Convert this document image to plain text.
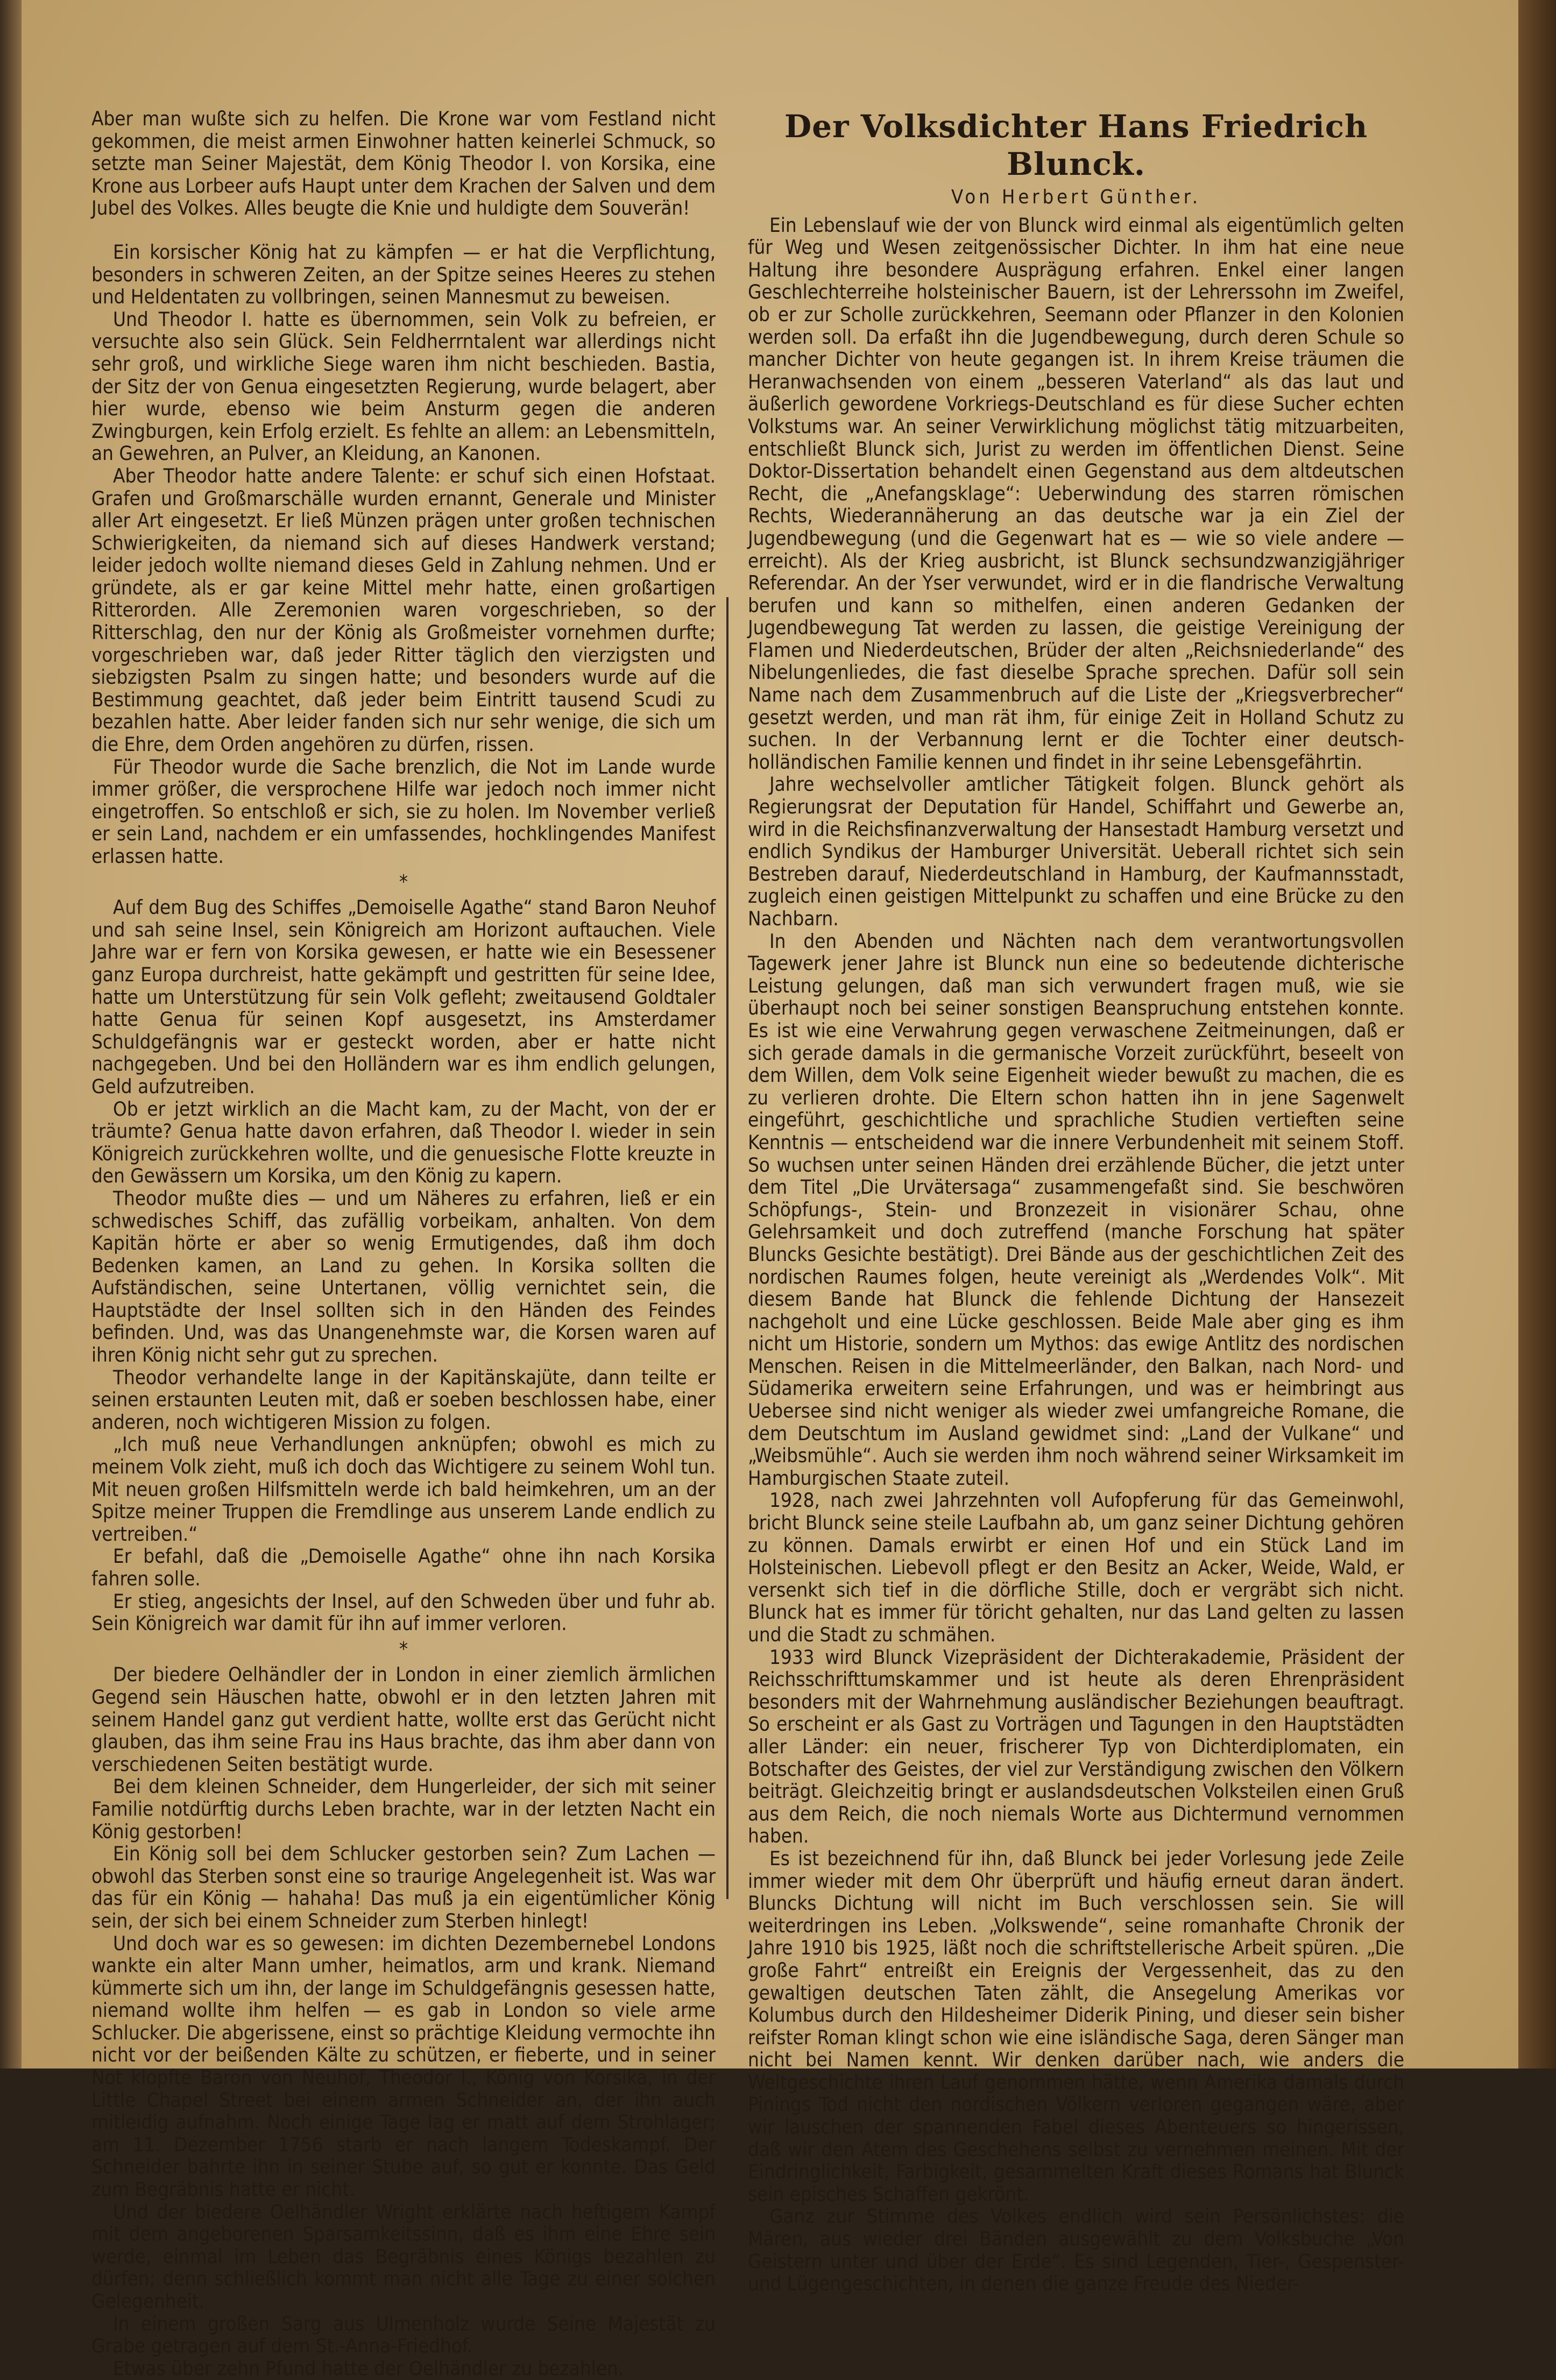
Aber man wußte sich zu helfen. Die Krone war vom Festland nicht gekommen, die meist armen Einwohner hatten keinerlei Schmuck, so setzte man Seiner Majestät, dem König Theodor I. von Korsika, eine Krone aus Lorbeer aufs Haupt unter dem Krachen der Salven und dem Jubel des Volkes. Alles beugte die Knie und huldigte dem Souverän!

Ein korsischer König hat zu kämpfen — er hat die Verpflichtung, besonders in schweren Zeiten, an der Spitze seines Heeres zu stehen und Heldentaten zu vollbringen, seinen Mannesmut zu beweisen.

Und Theodor I. hatte es übernommen, sein Volk zu befreien, er versuchte also sein Glück. Sein Feldherrntalent war allerdings nicht sehr groß, und wirkliche Siege waren ihm nicht beschieden. Bastia, der Sitz der von Genua eingesetzten Regierung, wurde belagert, aber hier wurde, ebenso wie beim Ansturm gegen die anderen Zwingburgen, kein Erfolg erzielt. Es fehlte an allem: an Lebensmitteln, an Gewehren, an Pulver, an Kleidung, an Kanonen.

Aber Theodor hatte andere Talente: er schuf sich einen Hofstaat. Grafen und Großmarschälle wurden ernannt, Generale und Minister aller Art eingesetzt. Er ließ Münzen prägen unter großen technischen Schwierigkeiten, da niemand sich auf dieses Handwerk verstand; leider jedoch wollte niemand dieses Geld in Zahlung nehmen. Und er gründete, als er gar keine Mittel mehr hatte, einen großartigen Ritterorden. Alle Zeremonien waren vorgeschrieben, so der Ritterschlag, den nur der König als Großmeister vornehmen durfte; vorgeschrieben war, daß jeder Ritter täglich den vierzigsten und siebzigsten Psalm zu singen hatte; und besonders wurde auf die Bestimmung geachtet, daß jeder beim Eintritt tausend Scudi zu bezahlen hatte. Aber leider fanden sich nur sehr wenige, die sich um die Ehre, dem Orden angehören zu dürfen, rissen.

Für Theodor wurde die Sache brenzlich, die Not im Lande wurde immer größer, die versprochene Hilfe war jedoch noch immer nicht eingetroffen. So entschloß er sich, sie zu holen. Im November verließ er sein Land, nachdem er ein umfassendes, hochklingendes Manifest erlassen hatte.

*

Auf dem Bug des Schiffes „Demoiselle Agathe“ stand Baron Neuhof und sah seine Insel, sein Königreich am Horizont auftauchen. Viele Jahre war er fern von Korsika gewesen, er hatte wie ein Besessener ganz Europa durchreist, hatte gekämpft und gestritten für seine Idee, hatte um Unterstützung für sein Volk gefleht; zweitausend Goldtaler hatte Genua für seinen Kopf ausgesetzt, ins Amsterdamer Schuldgefängnis war er gesteckt worden, aber er hatte nicht nachgegeben. Und bei den Holländern war es ihm endlich gelungen, Geld aufzutreiben.

Ob er jetzt wirklich an die Macht kam, zu der Macht, von der er träumte? Genua hatte davon erfahren, daß Theodor I. wieder in sein Königreich zurückkehren wollte, und die genuesische Flotte kreuzte in den Gewässern um Korsika, um den König zu kapern.

Theodor mußte dies — und um Näheres zu erfahren, ließ er ein schwedisches Schiff, das zufällig vorbeikam, anhalten. Von dem Kapitän hörte er aber so wenig Ermutigendes, daß ihm doch Bedenken kamen, an Land zu gehen. In Korsika sollten die Aufständischen, seine Untertanen, völlig vernichtet sein, die Hauptstädte der Insel sollten sich in den Händen des Feindes befinden. Und, was das Unangenehmste war, die Korsen waren auf ihren König nicht sehr gut zu sprechen.

Theodor verhandelte lange in der Kapitänskajüte, dann teilte er seinen erstaunten Leuten mit, daß er soeben beschlossen habe, einer anderen, noch wichtigeren Mission zu folgen.

„Ich muß neue Verhandlungen anknüpfen; obwohl es mich zu meinem Volk zieht, muß ich doch das Wichtigere zu seinem Wohl tun. Mit neuen großen Hilfsmitteln werde ich bald heimkehren, um an der Spitze meiner Truppen die Fremdlinge aus unserem Lande endlich zu vertreiben.“

Er befahl, daß die „Demoiselle Agathe“ ohne ihn nach Korsika fahren solle.

Er stieg, angesichts der Insel, auf den Schweden über und fuhr ab. Sein Königreich war damit für ihn auf immer verloren.

*

Der biedere Oelhändler der in London in einer ziemlich ärmlichen Gegend sein Häuschen hatte, obwohl er in den letzten Jahren mit seinem Handel ganz gut verdient hatte, wollte erst das Gerücht nicht glauben, das ihm seine Frau ins Haus brachte, das ihm aber dann von verschiedenen Seiten bestätigt wurde.

Bei dem kleinen Schneider, dem Hungerleider, der sich mit seiner Familie notdürftig durchs Leben brachte, war in der letzten Nacht ein König gestorben!

Ein König soll bei dem Schlucker gestorben sein? Zum Lachen — obwohl das Sterben sonst eine so traurige Angelegenheit ist. Was war das für ein König — hahaha! Das muß ja ein eigentümlicher König sein, der sich bei einem Schneider zum Sterben hinlegt!

Und doch war es so gewesen: im dichten Dezembernebel Londons wankte ein alter Mann umher, heimatlos, arm und krank. Niemand kümmerte sich um ihn, der lange im Schuldgefängnis gesessen hatte, niemand wollte ihm helfen — es gab in London so viele arme Schlucker. Die abgerissene, einst so prächtige Kleidung vermochte ihn nicht vor der beißenden Kälte zu schützen, er fieberte, und in seiner Not klopfte Baron von Neuhof, Theodor I., König von Korsika, in der Little Chapel Street bei einem armen Schneider an, der ihn auch mitleidig aufnahm. Noch einige Tage lag er matt auf dem Strohlager; am 11. Dezember 1756 starb er nach langem Todeskampf. Der Schneider bahrte ihn in seiner Stube auf, so gut er konnte. Das Geld zum Begräbnis hatte er nicht.

Und der biedere Oelhändler Wright erklärte nach heftigem Kampf mit dem angeborenen Sparsamkeitssinn, daß es ihm eine Ehre sein werde, einmal im Leben das Begräbnis eines Königs bezahlen zu dürfen; denn schließlich kommt man nicht alle Tage zu einer solchen Gelegenheit.

In einem großen Sarg aus Ulmenholz wurde Seine Majestät zu Grabe getragen auf dem St.-Anna-Friedhof.

Etwas über zehn Pfund hatte der Oelhändler zu bezahlen.

Der Volksdichter Hans Friedrich Blunck.
Von Herbert Günther.

Ein Lebenslauf wie der von Blunck wird einmal als eigentümlich gelten für Weg und Wesen zeitgenössischer Dichter. In ihm hat eine neue Haltung ihre besondere Ausprägung erfahren. Enkel einer langen Geschlechterreihe holsteinischer Bauern, ist der Lehrerssohn im Zweifel, ob er zur Scholle zurückkehren, Seemann oder Pflanzer in den Kolonien werden soll. Da erfaßt ihn die Jugendbewegung, durch deren Schule so mancher Dichter von heute gegangen ist. In ihrem Kreise träumen die Heranwachsenden von einem „besseren Vaterland“ als das laut und äußerlich gewordene Vorkriegs-Deutschland es für diese Sucher echten Volkstums war. An seiner Verwirklichung möglichst tätig mitzuarbeiten, entschließt Blunck sich, Jurist zu werden im öffentlichen Dienst. Seine Doktor-Dissertation behandelt einen Gegenstand aus dem altdeutschen Recht, die „Anefangsklage“: Ueberwindung des starren römischen Rechts, Wiederannäherung an das deutsche war ja ein Ziel der Jugendbewegung (und die Gegenwart hat es — wie so viele andere — erreicht). Als der Krieg ausbricht, ist Blunck sechsundzwanzigjähriger Referendar. An der Yser verwundet, wird er in die flandrische Verwaltung berufen und kann so mithelfen, einen anderen Gedanken der Jugendbewegung Tat werden zu lassen, die geistige Vereinigung der Flamen und Niederdeutschen, Brüder der alten „Reichsniederlande“ des Nibelungenliedes, die fast dieselbe Sprache sprechen. Dafür soll sein Name nach dem Zusammenbruch auf die Liste der „Kriegsverbrecher“ gesetzt werden, und man rät ihm, für einige Zeit in Holland Schutz zu suchen. In der Verbannung lernt er die Tochter einer deutsch-holländischen Familie kennen und findet in ihr seine Lebensgefährtin.

Jahre wechselvoller amtlicher Tätigkeit folgen. Blunck gehört als Regierungsrat der Deputation für Handel, Schiffahrt und Gewerbe an, wird in die Reichsfinanzverwaltung der Hansestadt Hamburg versetzt und endlich Syndikus der Hamburger Universität. Ueberall richtet sich sein Bestreben darauf, Niederdeutschland in Hamburg, der Kaufmannsstadt, zugleich einen geistigen Mittelpunkt zu schaffen und eine Brücke zu den Nachbarn.

In den Abenden und Nächten nach dem verantwortungsvollen Tagewerk jener Jahre ist Blunck nun eine so bedeutende dichterische Leistung gelungen, daß man sich verwundert fragen muß, wie sie überhaupt noch bei seiner sonstigen Beanspruchung entstehen konnte. Es ist wie eine Verwahrung gegen verwaschene Zeitmeinungen, daß er sich gerade damals in die germanische Vorzeit zurückführt, beseelt von dem Willen, dem Volk seine Eigenheit wieder bewußt zu machen, die es zu verlieren drohte. Die Eltern schon hatten ihn in jene Sagenwelt eingeführt, geschichtliche und sprachliche Studien vertieften seine Kenntnis — entscheidend war die innere Verbundenheit mit seinem Stoff. So wuchsen unter seinen Händen drei erzählende Bücher, die jetzt unter dem Titel „Die Urvätersaga“ zusammengefaßt sind. Sie beschwören Schöpfungs-, Stein- und Bronzezeit in visionärer Schau, ohne Gelehrsamkeit und doch zutreffend (manche Forschung hat später Bluncks Gesichte bestätigt). Drei Bände aus der geschichtlichen Zeit des nordischen Raumes folgen, heute vereinigt als „Werdendes Volk“. Mit diesem Bande hat Blunck die fehlende Dichtung der Hansezeit nachgeholt und eine Lücke geschlossen. Beide Male aber ging es ihm nicht um Historie, sondern um Mythos: das ewige Antlitz des nordischen Menschen. Reisen in die Mittelmeerländer, den Balkan, nach Nord- und Südamerika erweitern seine Erfahrungen, und was er heimbringt aus Uebersee sind nicht weniger als wieder zwei umfangreiche Romane, die dem Deutschtum im Ausland gewidmet sind: „Land der Vulkane“ und „Weibsmühle“. Auch sie werden ihm noch während seiner Wirksamkeit im Hamburgischen Staate zuteil.

1928, nach zwei Jahrzehnten voll Aufopferung für das Gemeinwohl, bricht Blunck seine steile Laufbahn ab, um ganz seiner Dichtung gehören zu können. Damals erwirbt er einen Hof und ein Stück Land im Holsteinischen. Liebevoll pflegt er den Besitz an Acker, Weide, Wald, er versenkt sich tief in die dörfliche Stille, doch er vergräbt sich nicht. Blunck hat es immer für töricht gehalten, nur das Land gelten zu lassen und die Stadt zu schmähen.

1933 wird Blunck Vizepräsident der Dichterakademie, Präsident der Reichsschrifttumskammer und ist heute als deren Ehrenpräsident besonders mit der Wahrnehmung ausländischer Beziehungen beauftragt. So erscheint er als Gast zu Vorträgen und Tagungen in den Hauptstädten aller Länder: ein neuer, frischerer Typ von Dichterdiplomaten, ein Botschafter des Geistes, der viel zur Verständigung zwischen den Völkern beiträgt. Gleichzeitig bringt er auslandsdeutschen Volksteilen einen Gruß aus dem Reich, die noch niemals Worte aus Dichtermund vernommen haben.

Es ist bezeichnend für ihn, daß Blunck bei jeder Vorlesung jede Zeile immer wieder mit dem Ohr überprüft und häufig erneut daran ändert. Bluncks Dichtung will nicht im Buch verschlossen sein. Sie will weiterdringen ins Leben. „Volkswende“, seine romanhafte Chronik der Jahre 1910 bis 1925, läßt noch die schriftstellerische Arbeit spüren. „Die große Fahrt“ entreißt ein Ereignis der Vergessenheit, das zu den gewaltigen deutschen Taten zählt, die Ansegelung Amerikas vor Kolumbus durch den Hildesheimer Diderik Pining, und dieser sein bisher reifster Roman klingt schon wie eine isländische Saga, deren Sänger man nicht bei Namen kennt. Wir denken darüber nach, wie anders die Weltgeschichte ihren Lauf genommen hätte, wenn Amerika damals durch Pinings Tod nicht den nordischen Völkern verloren gegangen wäre, aber wir lauschen der spannenden Fabel dieses Abenteuers so hingerissen, daß wir den Atem des Geschehens selbst zu vernehmen meinen. Mit der Eindringlichkeit, Farbigkeit, gesammelten Kraft dieses Romans hat Blunck sein episches Schaffen gekrönt.

Ganz zur Stimme des Volkes endlich wird sein Persönlichstes: die Mären, aus wieder drei Bänden ausgewählt zu dem Volksbuche „Von Geistern unter und über der Erde“. Es sind Legenden, Tier-, Gespenster- und Lügengeschichten, in denen die ganze Freude des Nieder-
